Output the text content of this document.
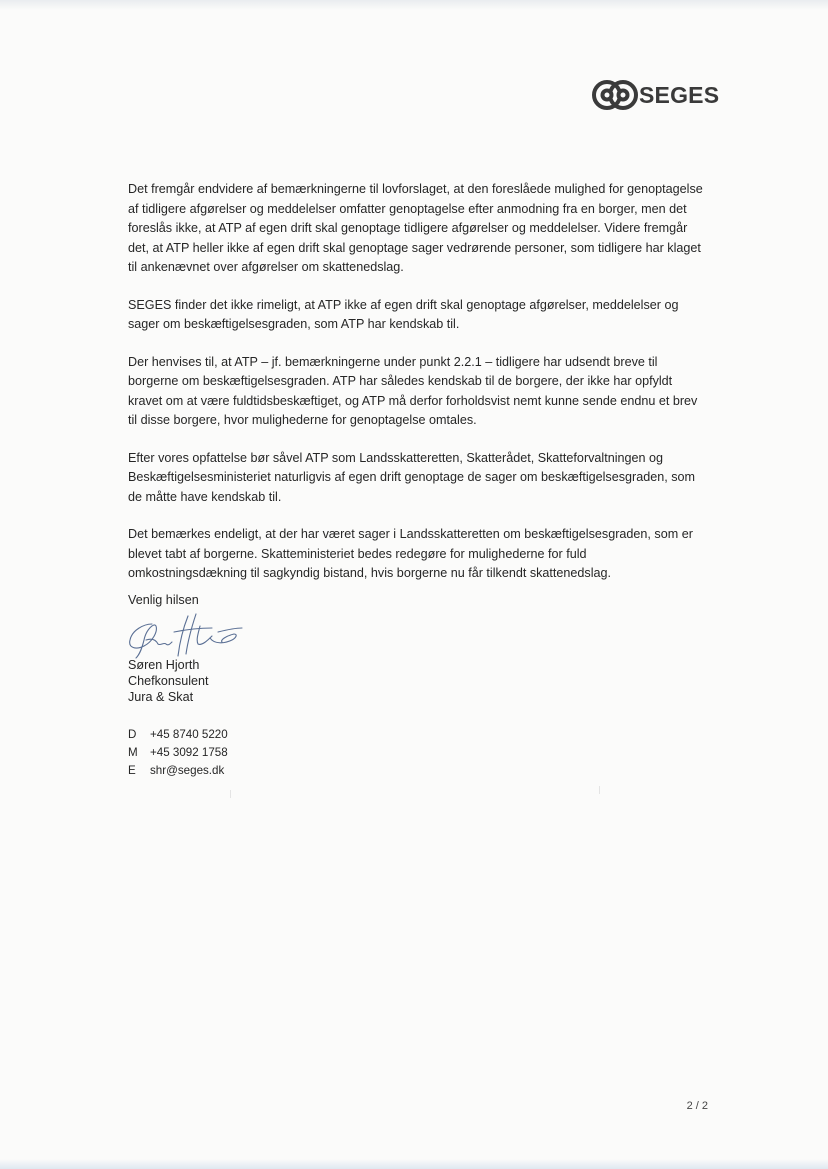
SEGES

Det fremgår endvidere af bemærkningerne til lovforslaget, at den foreslåede mulighed for genoptagelse af tidligere afgørelser og meddelelser omfatter genoptagelse efter anmodning fra en borger, men det foreslås ikke, at ATP af egen drift skal genoptage tidligere afgørelser og meddelelser. Videre fremgår det, at ATP heller ikke af egen drift skal genoptage sager vedrørende personer, som tidligere har klaget til ankenævnet over afgørelser om skattenedslag.

SEGES finder det ikke rimeligt, at ATP ikke af egen drift skal genoptage afgørelser, meddelelser og sager om beskæftigelsesgraden, som ATP har kendskab til.

Der henvises til, at ATP – jf. bemærkningerne under punkt 2.2.1 – tidligere har udsendt breve til borgerne om beskæftigelsesgraden. ATP har således kendskab til de borgere, der ikke har opfyldt kravet om at være fuldtidsbeskæftiget, og ATP må derfor forholdsvist nemt kunne sende endnu et brev til disse borgere, hvor mulighederne for genoptagelse omtales.

Efter vores opfattelse bør såvel ATP som Landsskatteretten, Skatterådet, Skatteforvaltningen og Beskæftigelsesministeriet naturligvis af egen drift genoptage de sager om beskæftigelsesgraden, som de måtte have kendskab til.

Det bemærkes endeligt, at der har været sager i Landsskatteretten om beskæftigelsesgraden, som er blevet tabt af borgerne. Skatteministeriet bedes redegøre for mulighederne for fuld omkostningsdækning til sagkyndig bistand, hvis borgerne nu får tilkendt skattenedslag.

Venlig hilsen
Søren Hjorth
Chefkonsulent
Jura & Skat
D	+45 8740 5220
M	+45 3092 1758
E	shr@seges.dk
2 / 2
